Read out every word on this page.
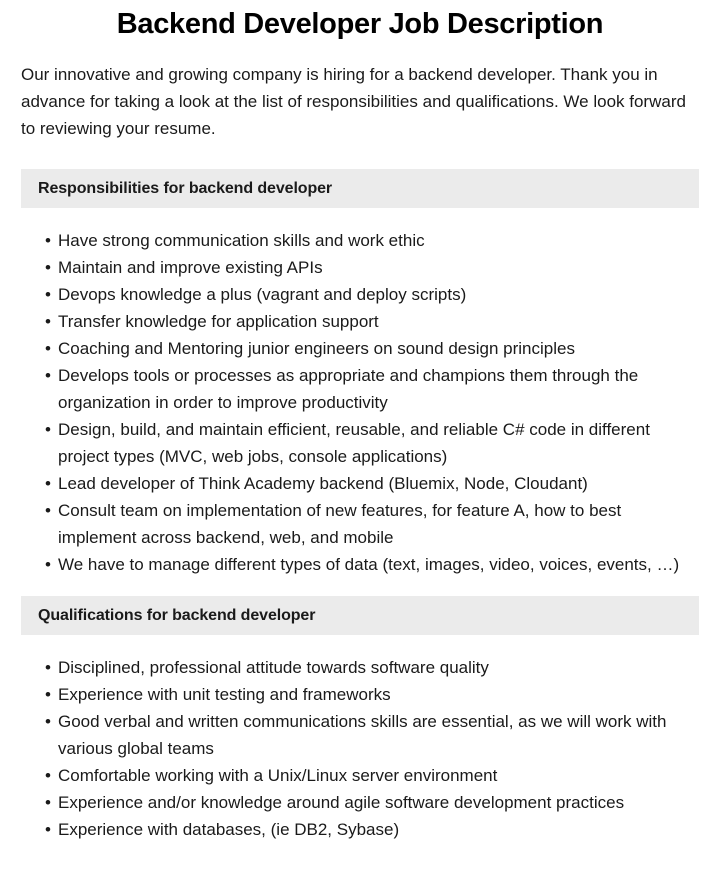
Backend Developer Job Description

Our innovative and growing company is hiring for a backend developer. Thank you in advance for taking a look at the list of responsibilities and qualifications. We look forward to reviewing your resume.

Responsibilities for backend developer
• Have strong communication skills and work ethic
• Maintain and improve existing APIs
• Devops knowledge a plus (vagrant and deploy scripts)
• Transfer knowledge for application support
• Coaching and Mentoring junior engineers on sound design principles
• Develops tools or processes as appropriate and champions them through the organization in order to improve productivity
• Design, build, and maintain efficient, reusable, and reliable C# code in different project types (MVC, web jobs, console applications)
• Lead developer of Think Academy backend (Bluemix, Node, Cloudant)
• Consult team on implementation of new features, for feature A, how to best implement across backend, web, and mobile
• We have to manage different types of data (text, images, video, voices, events, …)
Qualifications for backend developer
• Disciplined, professional attitude towards software quality
• Experience with unit testing and frameworks
• Good verbal and written communications skills are essential, as we will work with various global teams
• Comfortable working with a Unix/Linux server environment
• Experience and/or knowledge around agile software development practices
• Experience with databases, (ie DB2, Sybase)
